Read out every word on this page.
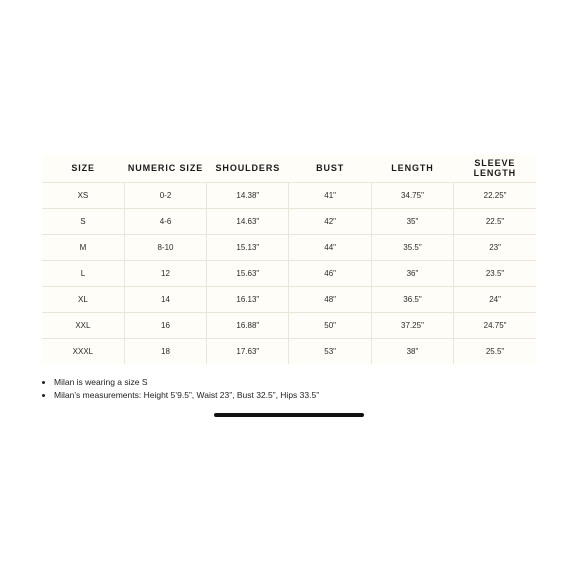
SIZE	NUMERIC SIZE	SHOULDERS	BUST	LENGTH	SLEEVE LENGTH
XS	0-2	14.38"	41"	34.75"	22.25"
S	4-6	14.63"	42"	35"	22.5"
M	8-10	15.13"	44"	35.5"	23"
L	12	15.63"	46"	36"	23.5"
XL	14	16.13"	48"	36.5"	24"
XXL	16	16.88"	50"	37.25"	24.75"
XXXL	18	17.63"	53"	38"	25.5"
• Milan is wearing a size S
• Milan’s measurements: Height 5’9.5”, Waist 23”, Bust 32.5”, Hips 33.5”
